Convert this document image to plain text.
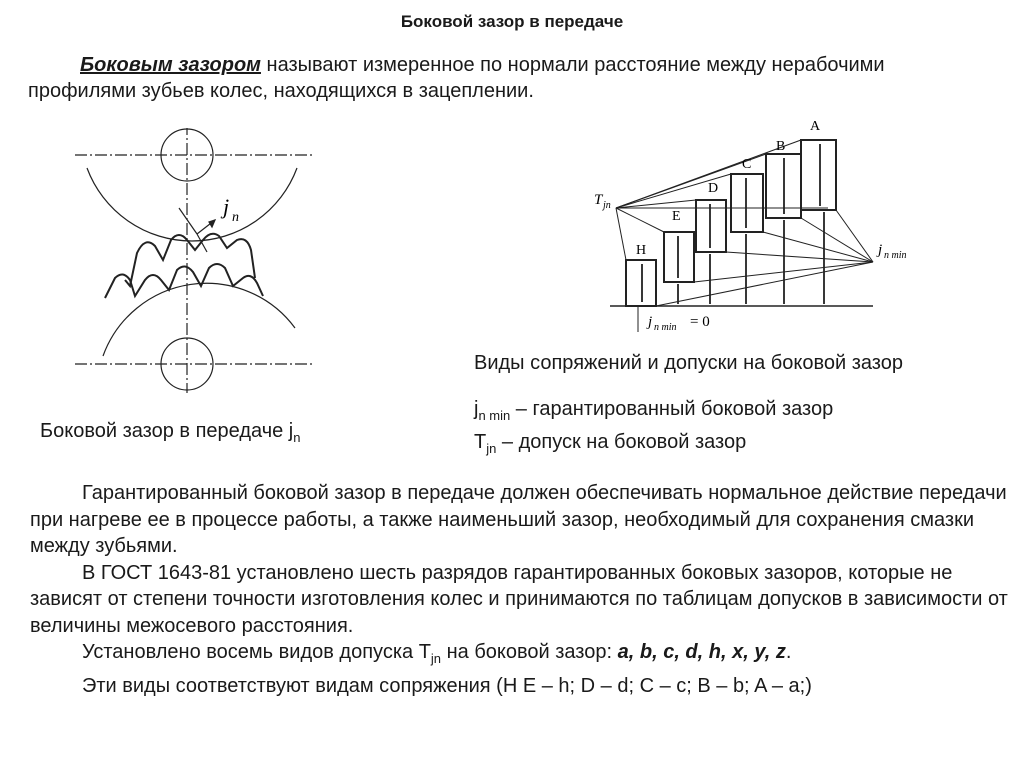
Боковой зазор в передаче
Боковым зазором называют измеренное по нормали расстояние между нерабочими профилями зубьев колес, находящихся в зацеплении.
j n
Боковой зазор в передаче $j_n$
T jn
j n min
j n min = 0
H
E
D
C
B
A
Виды сопряжений и допуски на боковой зазор
$j_{n min}$ – гарантированный боковой зазор
$T_{jn}$ – допуск на боковой зазор

Гарантированный боковой зазор в передаче должен обеспечивать нормальное действие передачи при нагреве ее в процессе работы, а также наименьший зазор, необходимый для сохранения смазки между зубьями.

В ГОСТ 1643-81 установлено шесть разрядов гарантированных боковых зазоров, которые не зависят от степени точности изготовления колес и принимаются по таблицам допусков в зависимости от величины межосевого расстояния.

Установлено восемь видов допуска $T_{jn}$ на боковой зазор: a, b, c, d, h, x, y, z.

Эти виды соответствуют видам сопряжения (H E – h; D – d; C – c; B – b; A – a;)
